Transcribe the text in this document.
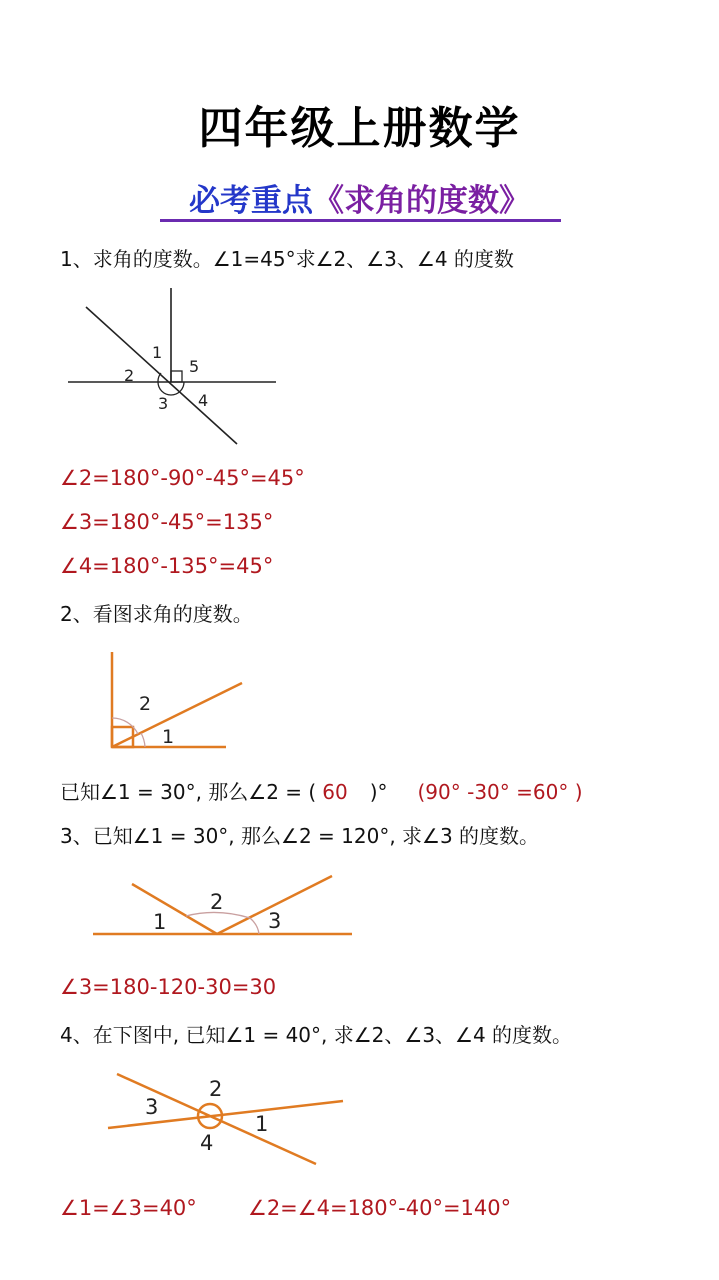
四年级上册数学
必考重点《求角的度数》
1、求角的度数。∠1=45°求∠2、∠3、∠4 的度数
1
2	5
3 4
∠2=180°-90°-45°=45°
∠3=180°-45°=135°
∠4=180°-135°=45°
2、看图求角的度数。
2
1
已知∠1 = 30°, 那么∠2 = ( 60 )° (90° -30° =60° )
3、已知∠1 = 30°, 那么∠2 = 120°, 求∠3 的度数。
1
2
3
∠3=180-120-30=30
4、在下图中, 已知∠1 = 40°, 求∠2、∠3、∠4 的度数。
2
3
1
4
∠1=∠3=40° ∠2=∠4=180°-40°=140°
